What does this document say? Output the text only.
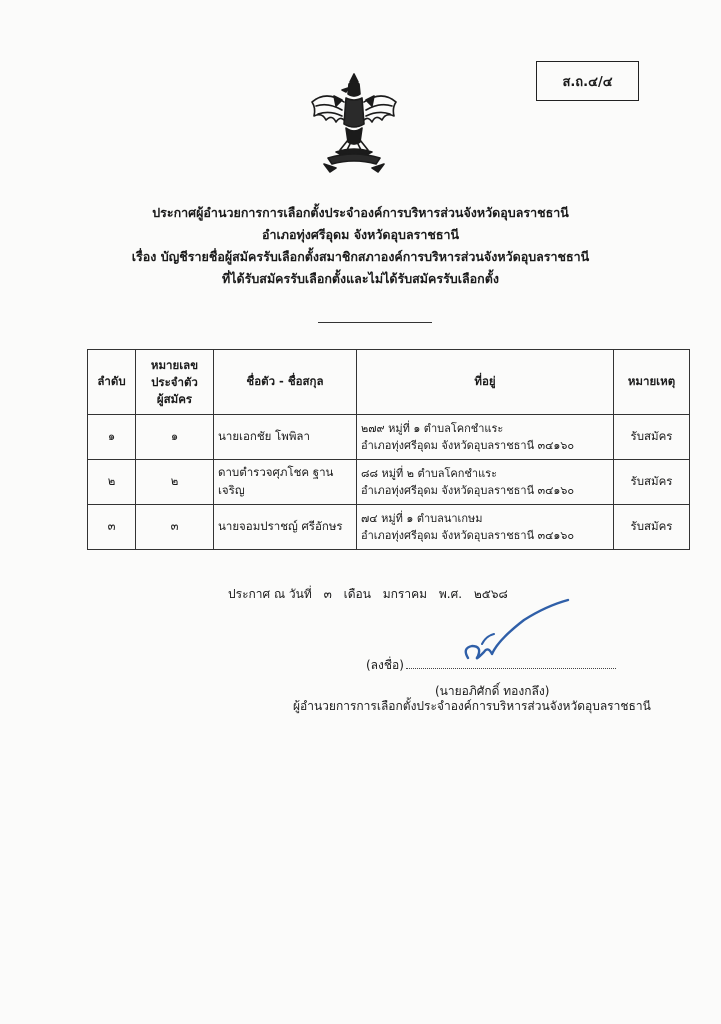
ส.ถ.๔/๔
ประกาศผู้อำนวยการการเลือกตั้งประจำองค์การบริหารส่วนจังหวัดอุบลราชธานี
อำเภอทุ่งศรีอุดม จังหวัดอุบลราชธานี
เรื่อง บัญชีรายชื่อผู้สมัครรับเลือกตั้งสมาชิกสภาองค์การบริหารส่วนจังหวัดอุบลราชธานี
ที่ได้รับสมัครรับเลือกตั้งและไม่ได้รับสมัครรับเลือกตั้ง
ลำดับ	หมายเลข
ประจำตัว
ผู้สมัคร	ชื่อตัว - ชื่อสกุล	ที่อยู่	หมายเหตุ
๑	๑	นายเอกชัย โพพิลา	๒๗๙ หมู่ที่ ๑ ตำบลโคกชำแระ
อำเภอทุ่งศรีอุดม จังหวัดอุบลราชธานี ๓๔๑๖๐	รับสมัคร
๒	๒	ดาบตำรวจศุภโชค ฐานเจริญ	๘๘ หมู่ที่ ๒ ตำบลโคกชำแระ
อำเภอทุ่งศรีอุดม จังหวัดอุบลราชธานี ๓๔๑๖๐	รับสมัคร
๓	๓	นายจอมปราชญ์ ศรีอักษร	๗๔ หมู่ที่ ๑ ตำบลนาเกษม
อำเภอทุ่งศรีอุดม จังหวัดอุบลราชธานี ๓๔๑๖๐	รับสมัคร
ประกาศ ณ วันที่ ๓ เดือน มกราคม พ.ศ. ๒๕๖๘
(ลงชื่อ)
(นายอภิศักดิ์ ทองกลึง)
ผู้อำนวยการการเลือกตั้งประจำองค์การบริหารส่วนจังหวัดอุบลราชธานี
